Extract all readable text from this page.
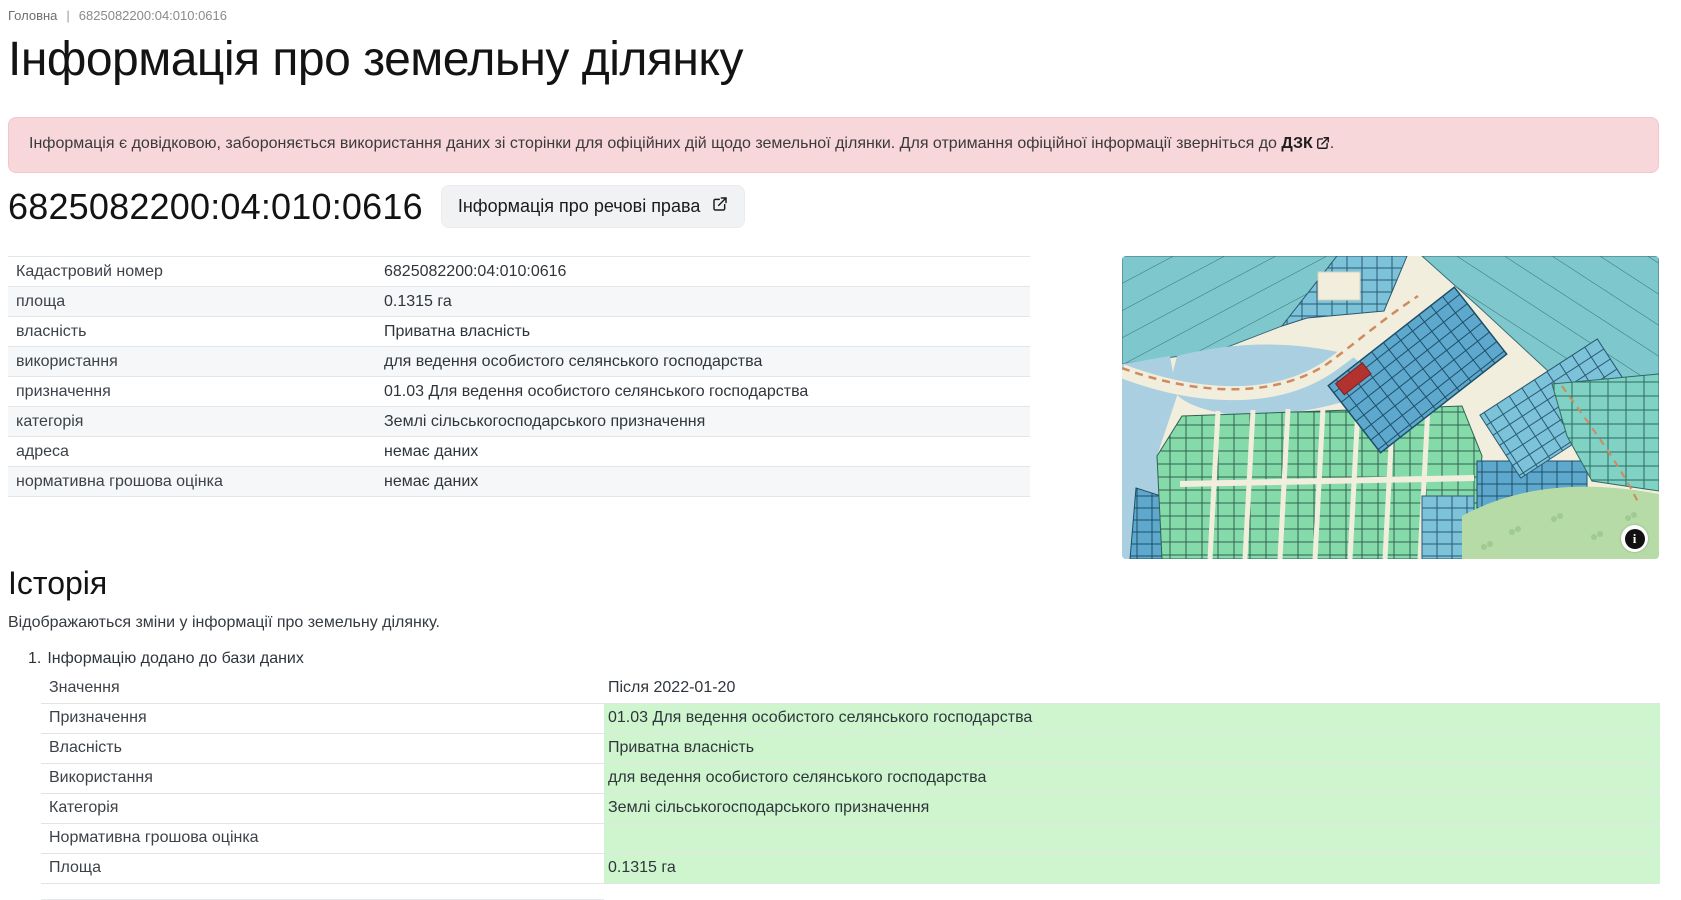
Головна | 6825082200:04:010:0616
Інформація про земельну ділянку
Інформація є довідковою, забороняється використання даних зі сторінки для офіційних дій щодо земельної ділянки. Для отримання офіційної інформації зверніться до ДЗК .
6825082200:04:010:0616 Інформація про речові права
Кадастровий номер	6825082200:04:010:0616
площа	0.1315 га
власність	Приватна власність
використання	для ведення особистого селянського господарства
призначення	01.03 Для ведення особистого селянського господарства
категорія	Землі сільськогосподарського призначення
адреса	немає даних
нормативна грошова оцінка	немає даних
i
Історія
Відображаються зміни у інформації про земельну ділянку.
1. Інформацію додано до бази даних
Значення	Після 2022-01-20
Призначення	01.03 Для ведення особистого селянського господарства
Власність	Приватна власність
Використання	для ведення особистого селянського господарства
Категорія	Землі сільськогосподарського призначення
Нормативна грошова оцінка	
Площа	0.1315 га
